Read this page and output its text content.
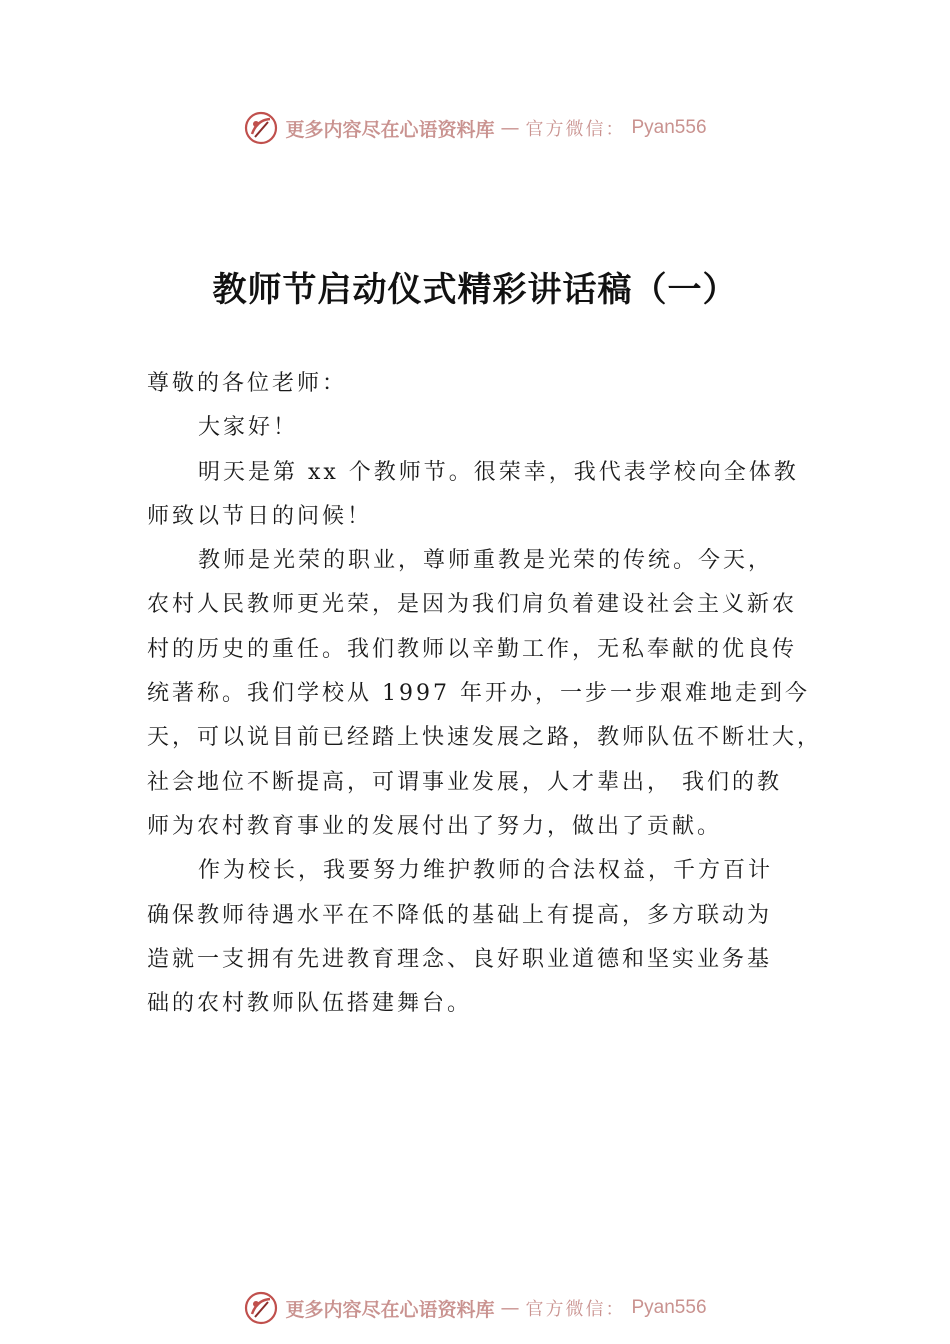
更多内容尽在心语资料库 — 官方微信： Pyan556
教师节启动仪式精彩讲话稿（一）
尊敬的各位老师：
大家好！
明天是第 xx 个教师节。很荣幸，我代表学校向全体教
师致以节日的问候！
教师是光荣的职业，尊师重教是光荣的传统。今天，
农村人民教师更光荣，是因为我们肩负着建设社会主义新农
村的历史的重任。我们教师以辛勤工作，无私奉献的优良传
统著称。我们学校从 1997 年开办，一步一步艰难地走到今
天，可以说目前已经踏上快速发展之路，教师队伍不断壮大，
社会地位不断提高，可谓事业发展，人才辈出， 我们的教
师为农村教育事业的发展付出了努力，做出了贡献。
作为校长，我要努力维护教师的合法权益，千方百计
确保教师待遇水平在不降低的基础上有提高，多方联动为
造就一支拥有先进教育理念、良好职业道德和坚实业务基
础的农村教师队伍搭建舞台。
更多内容尽在心语资料库 — 官方微信： Pyan556
